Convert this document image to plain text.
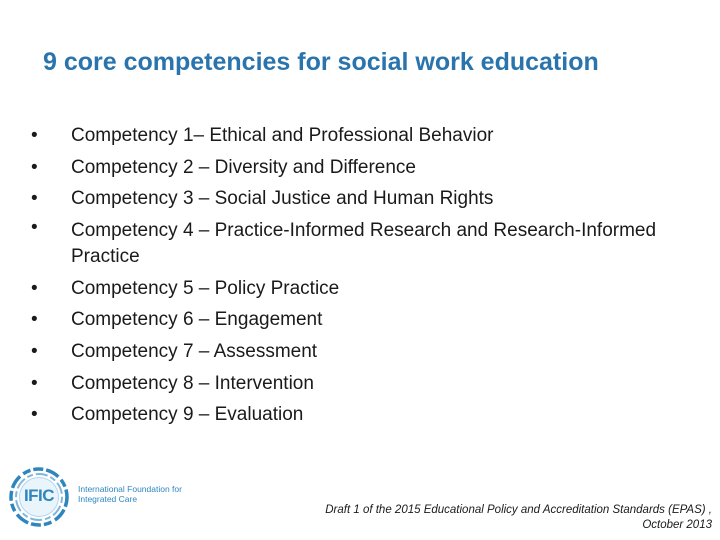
9 core competencies for social work education
• Competency 1– Ethical and Professional Behavior
• Competency 2 – Diversity and Difference
• Competency 3 – Social Justice and Human Rights
• Competency 4 – Practice-Informed Research and Research-Informed Practice
• Competency 5 – Policy Practice
• Competency 6 – Engagement
• Competency 7 – Assessment
• Competency 8 – Intervention
• Competency 9 – Evaluation
IFIC	International Foundation for Integrated Care
Draft 1 of the 2015 Educational Policy and Accreditation Standards (EPAS) ,
October 2013
